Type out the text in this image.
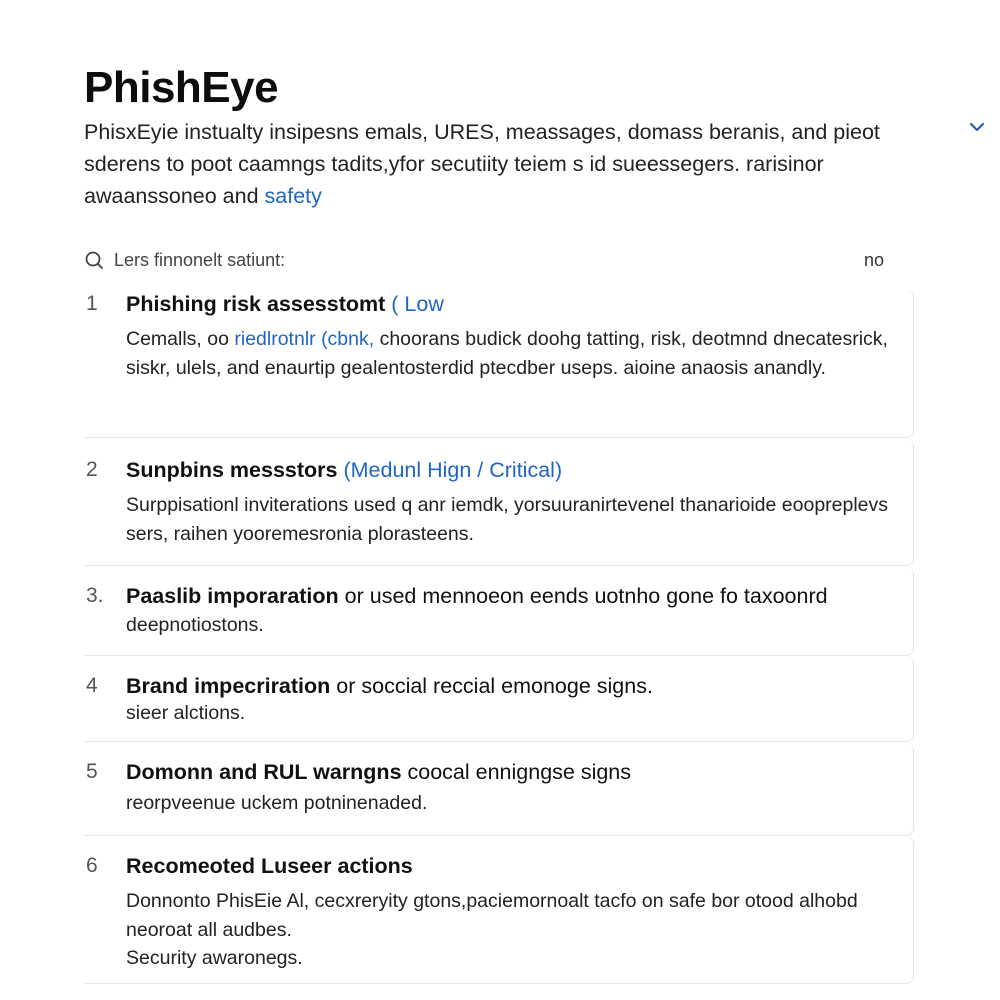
PhishEye
PhisxEyie instualty insipesns emals, URES, meassages, domass beranis, and pieot sderens to poot caamngs tadits,yfor secutiity teiem s id sueessegers. rarisinor awaanssoneo and safety
Lers finnonelt satiunt:
no
1 Phishing risk assesstomt ( Low

Cemalls, oo riedlrotnlr (cbnk, choorans budick doohg tatting, risk, deotmnd dnecatesrick, siskr, ulels, and enaurtip gealentosterdid ptecdber useps. aioine anaosis anandly.
2 Sunpbins messstors (Medunl Hign / Critical)

Surppisationl inviterations used q anr iemdk, yorsuuranirtevenel thanarioide eoopreplevs sers, raihen yooremesronia plorasteens.
3. Paaslib imporaration or used mennoeon eends uotnho gone fo taxoonrd

deepnotiostons.
4 Brand impecriration or soccial reccial emonoge signs.

sieer alctions.
5 Domonn and RUL warngns coocal ennigngse signs

reorpveenue uckem potninenaded.
6 Recomeoted Luseer actions

Donnonto PhisEie Al, cecxreryity gtons,paciemornoalt tacfo on safe bor otood alhobd neoroat all audbes.
Security awaronegs.
